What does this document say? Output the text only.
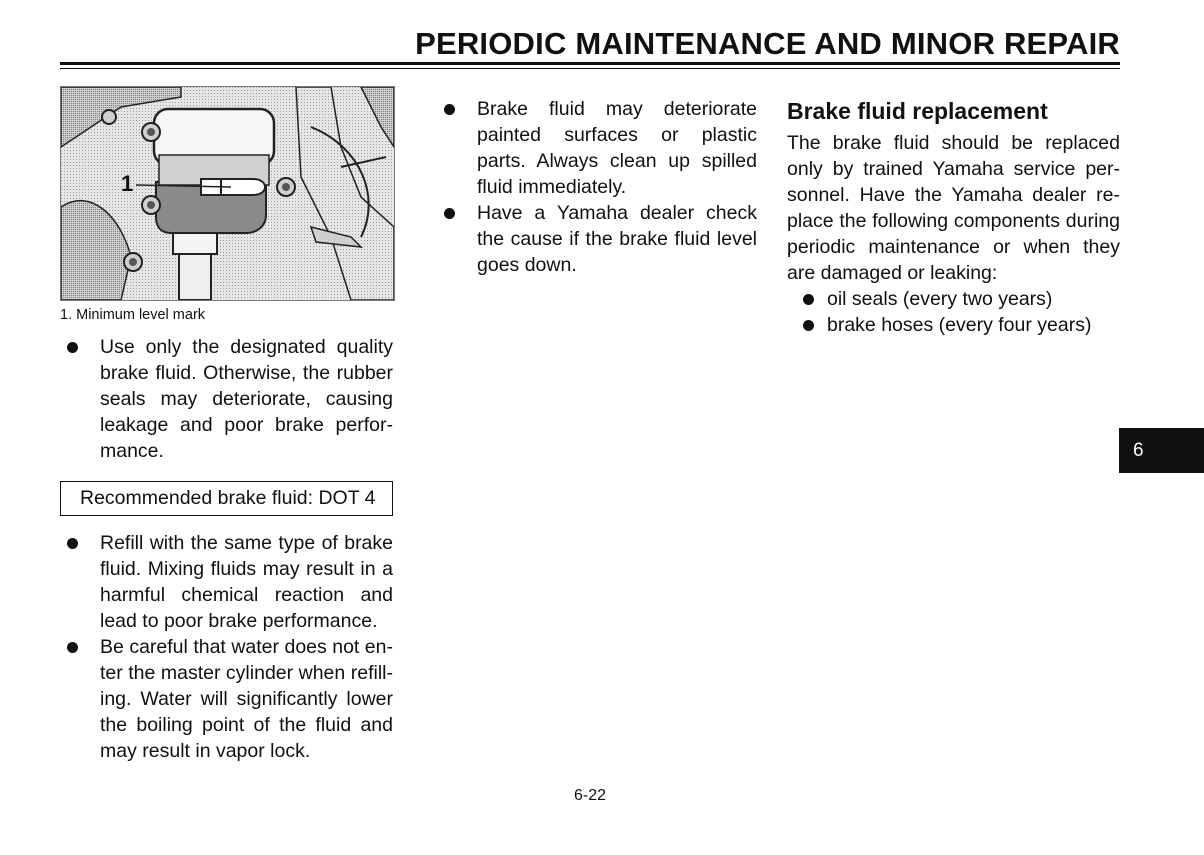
PERIODIC MAINTENANCE AND MINOR REPAIR
1
1. Minimum level mark
Use only the designated quality brake fluid. Otherwise, the rubber seals may deteriorate, causing leakage and poor brake performance.
Recommended brake fluid: DOT 4
Refill with the same type of brake fluid. Mixing fluids may result in a harmful chemical reaction and lead to poor brake performance.
Be careful that water does not enter the master cylinder when refilling. Water will significantly lower the boiling point of the fluid and may result in vapor lock.
Brake fluid may deteriorate painted surfaces or plastic parts. Always clean up spilled fluid immediately.
Have a Yamaha dealer check the cause if the brake fluid level goes down.
Brake fluid replacement

The brake fluid should be replaced only by trained Yamaha service personnel. Have the Yamaha dealer replace the following components during periodic maintenance or when they are damaged or leaking:

oil seals (every two years)
brake hoses (every four years)
6
6-22
